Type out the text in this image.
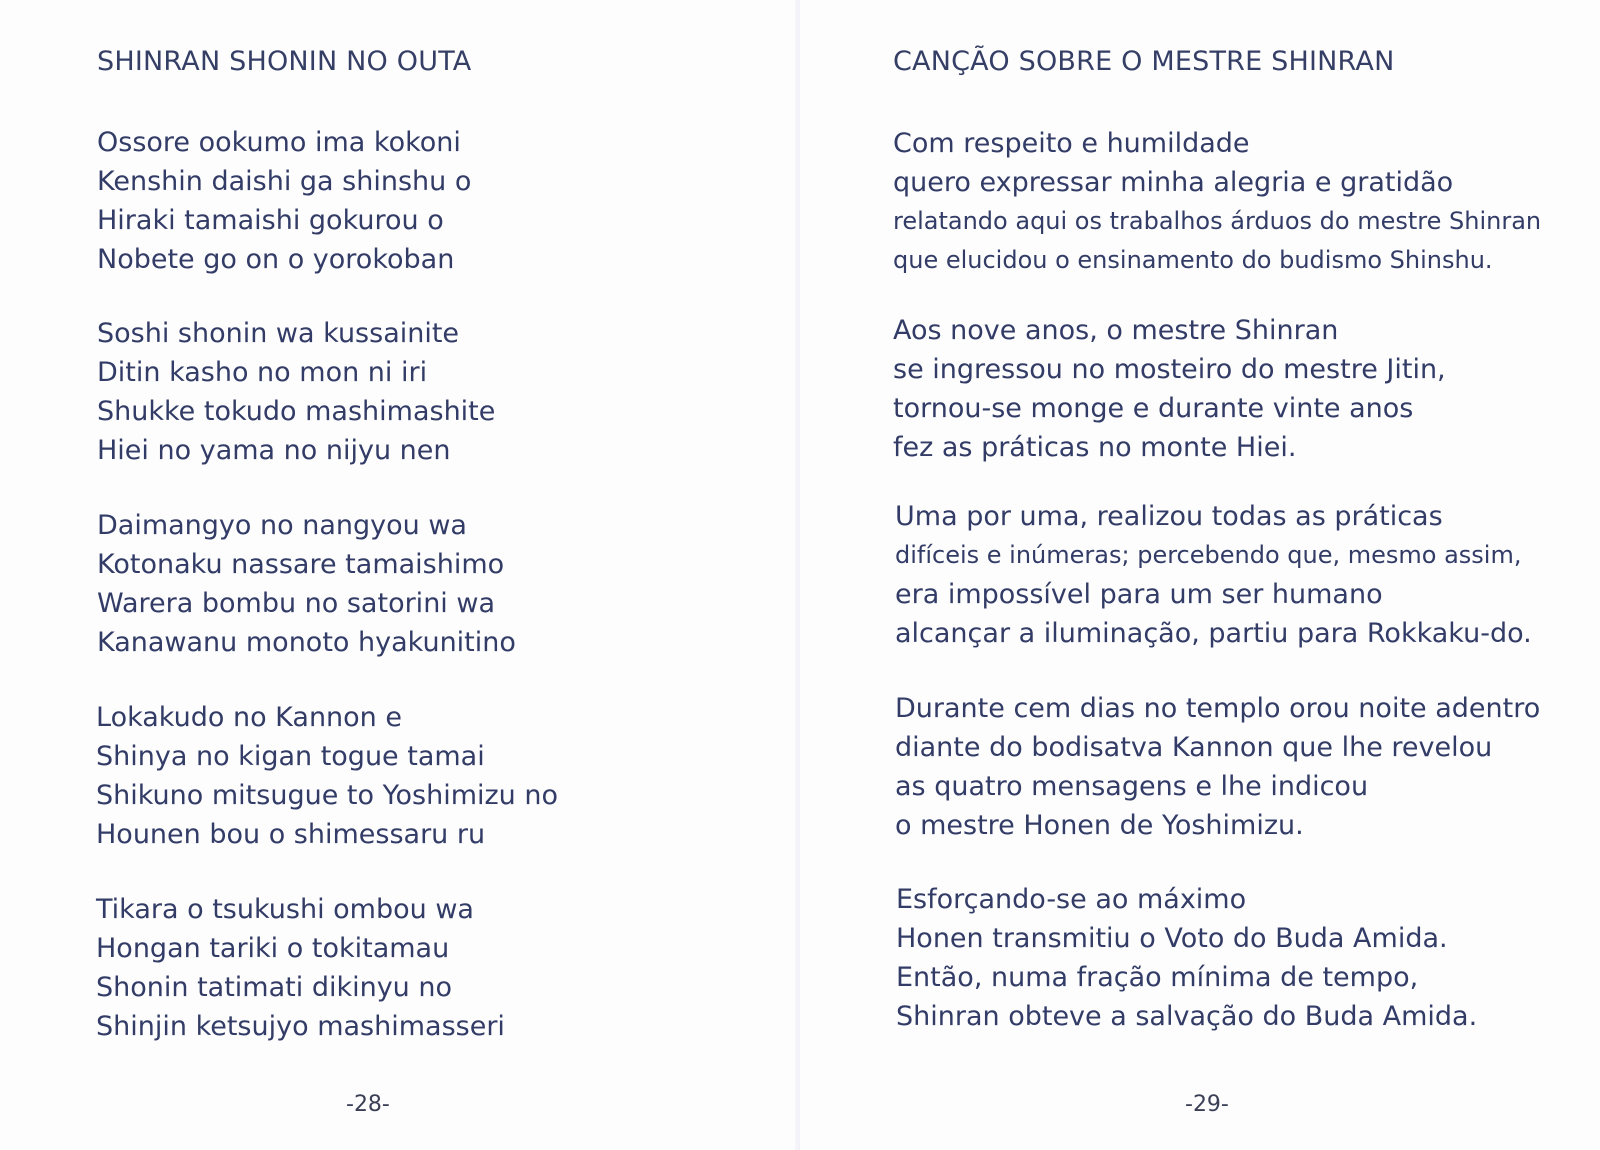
SHINRAN SHONIN NO OUTA
Ossore ookumo ima kokoni
Kenshin daishi ga shinshu o
Hiraki tamaishi gokurou o
Nobete go on o yorokoban
Soshi shonin wa kussainite
Ditin kasho no mon ni iri
Shukke tokudo mashimashite
Hiei no yama no nijyu nen
Daimangyo no nangyou wa
Kotonaku nassare tamaishimo
Warera bombu no satorini wa
Kanawanu monoto hyakunitino
Lokakudo no Kannon e
Shinya no kigan togue tamai
Shikuno mitsugue to Yoshimizu no
Hounen bou o shimessaru ru
Tikara o tsukushi ombou wa
Hongan tariki o tokitamau
Shonin tatimati dikinyu no
Shinjin ketsujyo mashimasseri
-28-
CANÇÃO SOBRE O MESTRE SHINRAN
Com respeito e humildade
quero expressar minha alegria e gratidão
relatando aqui os trabalhos árduos do mestre Shinran
que elucidou o ensinamento do budismo Shinshu.
Aos nove anos, o mestre Shinran
se ingressou no mosteiro do mestre Jitin,
tornou-se monge e durante vinte anos
fez as práticas no monte Hiei.
Uma por uma, realizou todas as práticas
difíceis e inúmeras; percebendo que, mesmo assim,
era impossível para um ser humano
alcançar a iluminação, partiu para Rokkaku-do.
Durante cem dias no templo orou noite adentro
diante do bodisatva Kannon que lhe revelou
as quatro mensagens e lhe indicou
o mestre Honen de Yoshimizu.
Esforçando-se ao máximo
Honen transmitiu o Voto do Buda Amida.
Então, numa fração mínima de tempo,
Shinran obteve a salvação do Buda Amida.
-29-
